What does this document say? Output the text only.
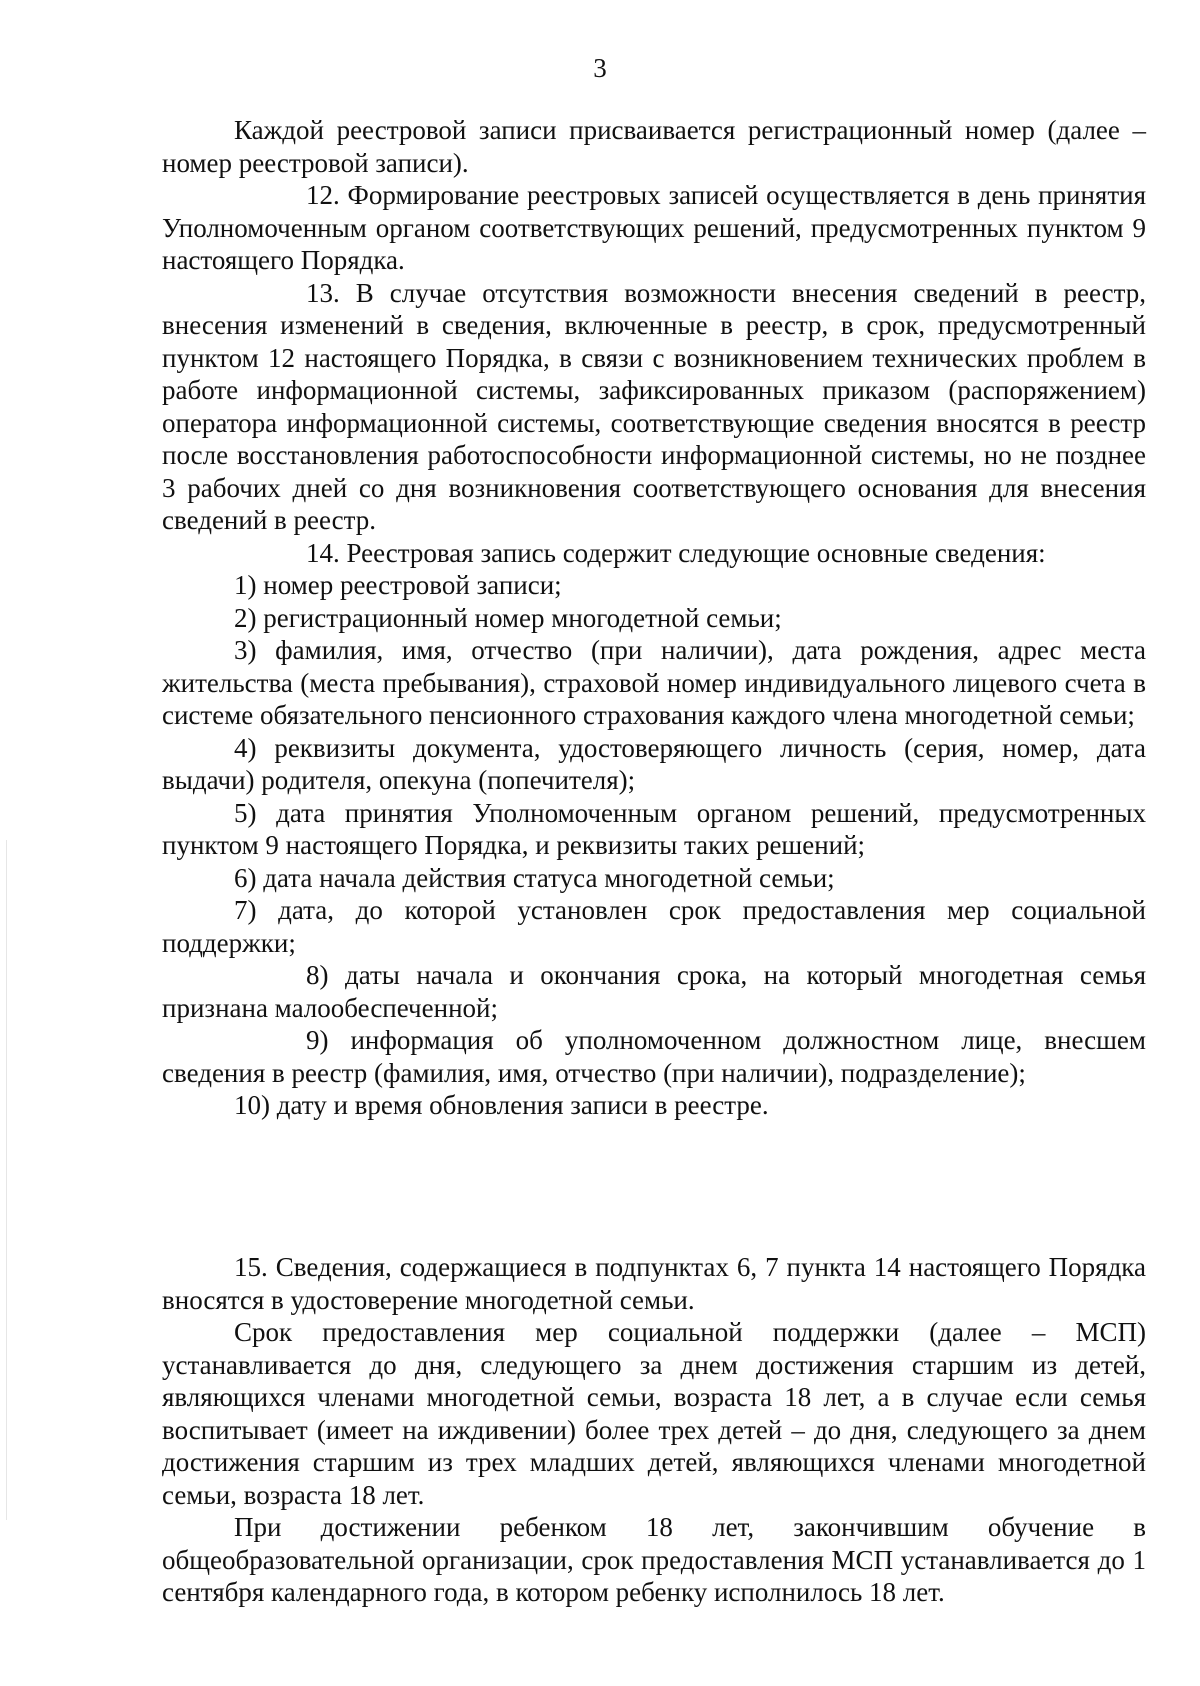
3

Каждой реестровой записи присваивается регистрационный номер (далее – номер реестровой записи).

12. Формирование реестровых записей осуществляется в день принятия Уполномоченным органом соответствующих решений, предусмотренных пунктом 9 настоящего Порядка.

13. В случае отсутствия возможности внесения сведений в реестр, внесения изменений в сведения, включенные в реестр, в срок, предусмотренный пунктом 12 настоящего Порядка, в связи с возникновением технических проблем в работе информационной системы, зафиксированных приказом (распоряжением) оператора информационной системы, соответствующие сведения вносятся в реестр после восстановления работоспособности информационной системы, но не позднее 3 рабочих дней со дня возникновения соответствующего основания для внесения сведений в реестр.

14. Реестровая запись содержит следующие основные сведения:

1) номер реестровой записи;

2) регистрационный номер многодетной семьи;

3) фамилия, имя, отчество (при наличии), дата рождения, адрес места жительства (места пребывания), страховой номер индивидуального лицевого счета в системе обязательного пенсионного страхования каждого члена многодетной семьи;

4) реквизиты документа, удостоверяющего личность (серия, номер, дата выдачи) родителя, опекуна (попечителя);

5) дата принятия Уполномоченным органом решений, предусмотренных пунктом 9 настоящего Порядка, и реквизиты таких решений;

6) дата начала действия статуса многодетной семьи;

7) дата, до которой установлен срок предоставления мер социальной поддержки;

8) даты начала и окончания срока, на который многодетная семья признана малообеспеченной;

9) информация об уполномоченном должностном лице, внесшем сведения в реестр (фамилия, имя, отчество (при наличии), подразделение);

10) дату и время обновления записи в реестре.

15. Сведения, содержащиеся в подпунктах 6, 7 пункта 14 настоящего Порядка вносятся в удостоверение многодетной семьи.

Срок предоставления мер социальной поддержки (далее – МСП) устанавливается до дня, следующего за днем достижения старшим из детей, являющихся членами многодетной семьи, возраста 18 лет, а в случае если семья воспитывает (имеет на иждивении) более трех детей – до дня, следующего за днем достижения старшим из трех младших детей, являющихся членами многодетной семьи, возраста 18 лет.

При достижении ребенком 18 лет, закончившим обучение в общеобразовательной организации, срок предоставления МСП устанавливается до 1 сентября календарного года, в котором ребенку исполнилось 18 лет.
